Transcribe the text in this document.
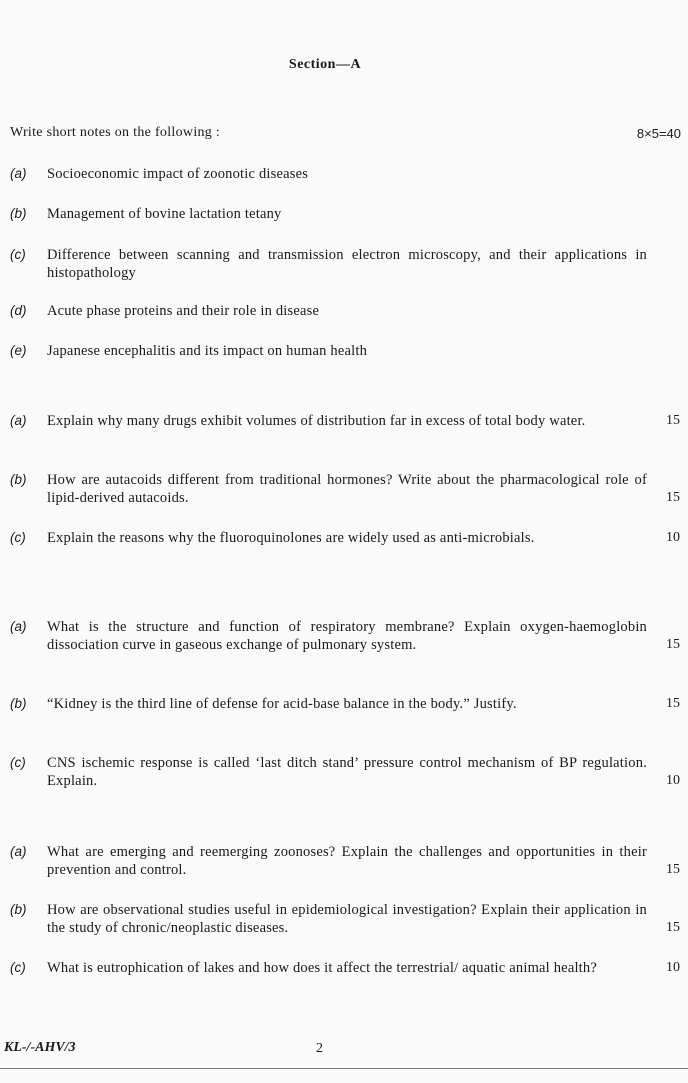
Section—A
Write short notes on the following :	8×5=40
(a)	Socioeconomic impact of zoonotic diseases
(b)	Management of bovine lactation tetany
(c)	Difference between scanning and transmission electron microscopy, and their applications in histopathology
(d)	Acute phase proteins and their role in disease
(e)	Japanese encephalitis and its impact on human health
(a)	Explain why many drugs exhibit volumes of distribution far in excess of total body water.	15
(b)	How are autacoids different from traditional hormones? Write about the pharmacological role of lipid-derived autacoids.	15
(c)	Explain the reasons why the fluoroquinolones are widely used as anti-microbials.	10
(a)	What is the structure and function of respiratory membrane? Explain oxygen-haemoglobin dissociation curve in gaseous exchange of pulmonary system.	15
(b)	“Kidney is the third line of defense for acid-base balance in the body.” Justify.	15
(c)	CNS ischemic response is called ‘last ditch stand’ pressure control mechanism of BP regulation. Explain.	10
(a)	What are emerging and reemerging zoonoses? Explain the challenges and opportunities in their prevention and control.	15
(b)	How are observational studies useful in epidemiological investigation? Explain their application in the study of chronic/neoplastic diseases.	15
(c)	What is eutrophication of lakes and how does it affect the terrestrial/ aquatic animal health?	10
KL-/-AHV/3	2
